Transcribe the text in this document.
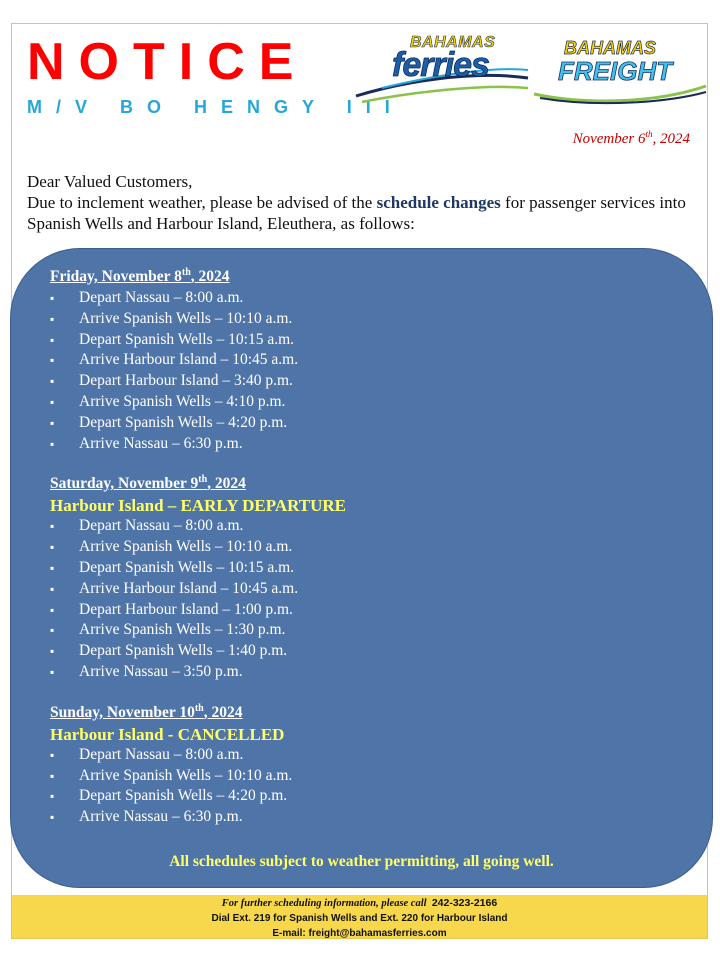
NOTICE
M/V BO HENGY III
BAHAMAS
ferries	BAHAMAS
FREIGHT
November 6th, 2024
Dear Valued Customers,
Due to inclement weather, please be advised of the schedule changes for passenger services into Spanish Wells and Harbour Island, Eleuthera, as follows:

Friday, November 8th, 2024

▪ Depart Nassau – 8:00 a.m.
▪ Arrive Spanish Wells – 10:10 a.m.
▪ Depart Spanish Wells – 10:15 a.m.
▪ Arrive Harbour Island – 10:45 a.m.
▪ Depart Harbour Island – 3:40 p.m.
▪ Arrive Spanish Wells – 4:10 p.m.
▪ Depart Spanish Wells – 4:20 p.m.
▪ Arrive Nassau – 6:30 p.m.

Saturday, November 9th, 2024

Harbour Island – EARLY DEPARTURE

▪ Depart Nassau – 8:00 a.m.
▪ Arrive Spanish Wells – 10:10 a.m.
▪ Depart Spanish Wells – 10:15 a.m.
▪ Arrive Harbour Island – 10:45 a.m.
▪ Depart Harbour Island – 1:00 p.m.
▪ Arrive Spanish Wells – 1:30 p.m.
▪ Depart Spanish Wells – 1:40 p.m.
▪ Arrive Nassau – 3:50 p.m.

Sunday, November 10th, 2024

Harbour Island - CANCELLED

▪ Depart Nassau – 8:00 a.m.
▪ Arrive Spanish Wells – 10:10 a.m.
▪ Depart Spanish Wells – 4:20 p.m.
▪ Arrive Nassau – 6:30 p.m.
All schedules subject to weather permitting, all going well.
For further scheduling information, please call 242-323-2166
Dial Ext. 219 for Spanish Wells and Ext. 220 for Harbour Island
E-mail: freight@bahamasferries.com
